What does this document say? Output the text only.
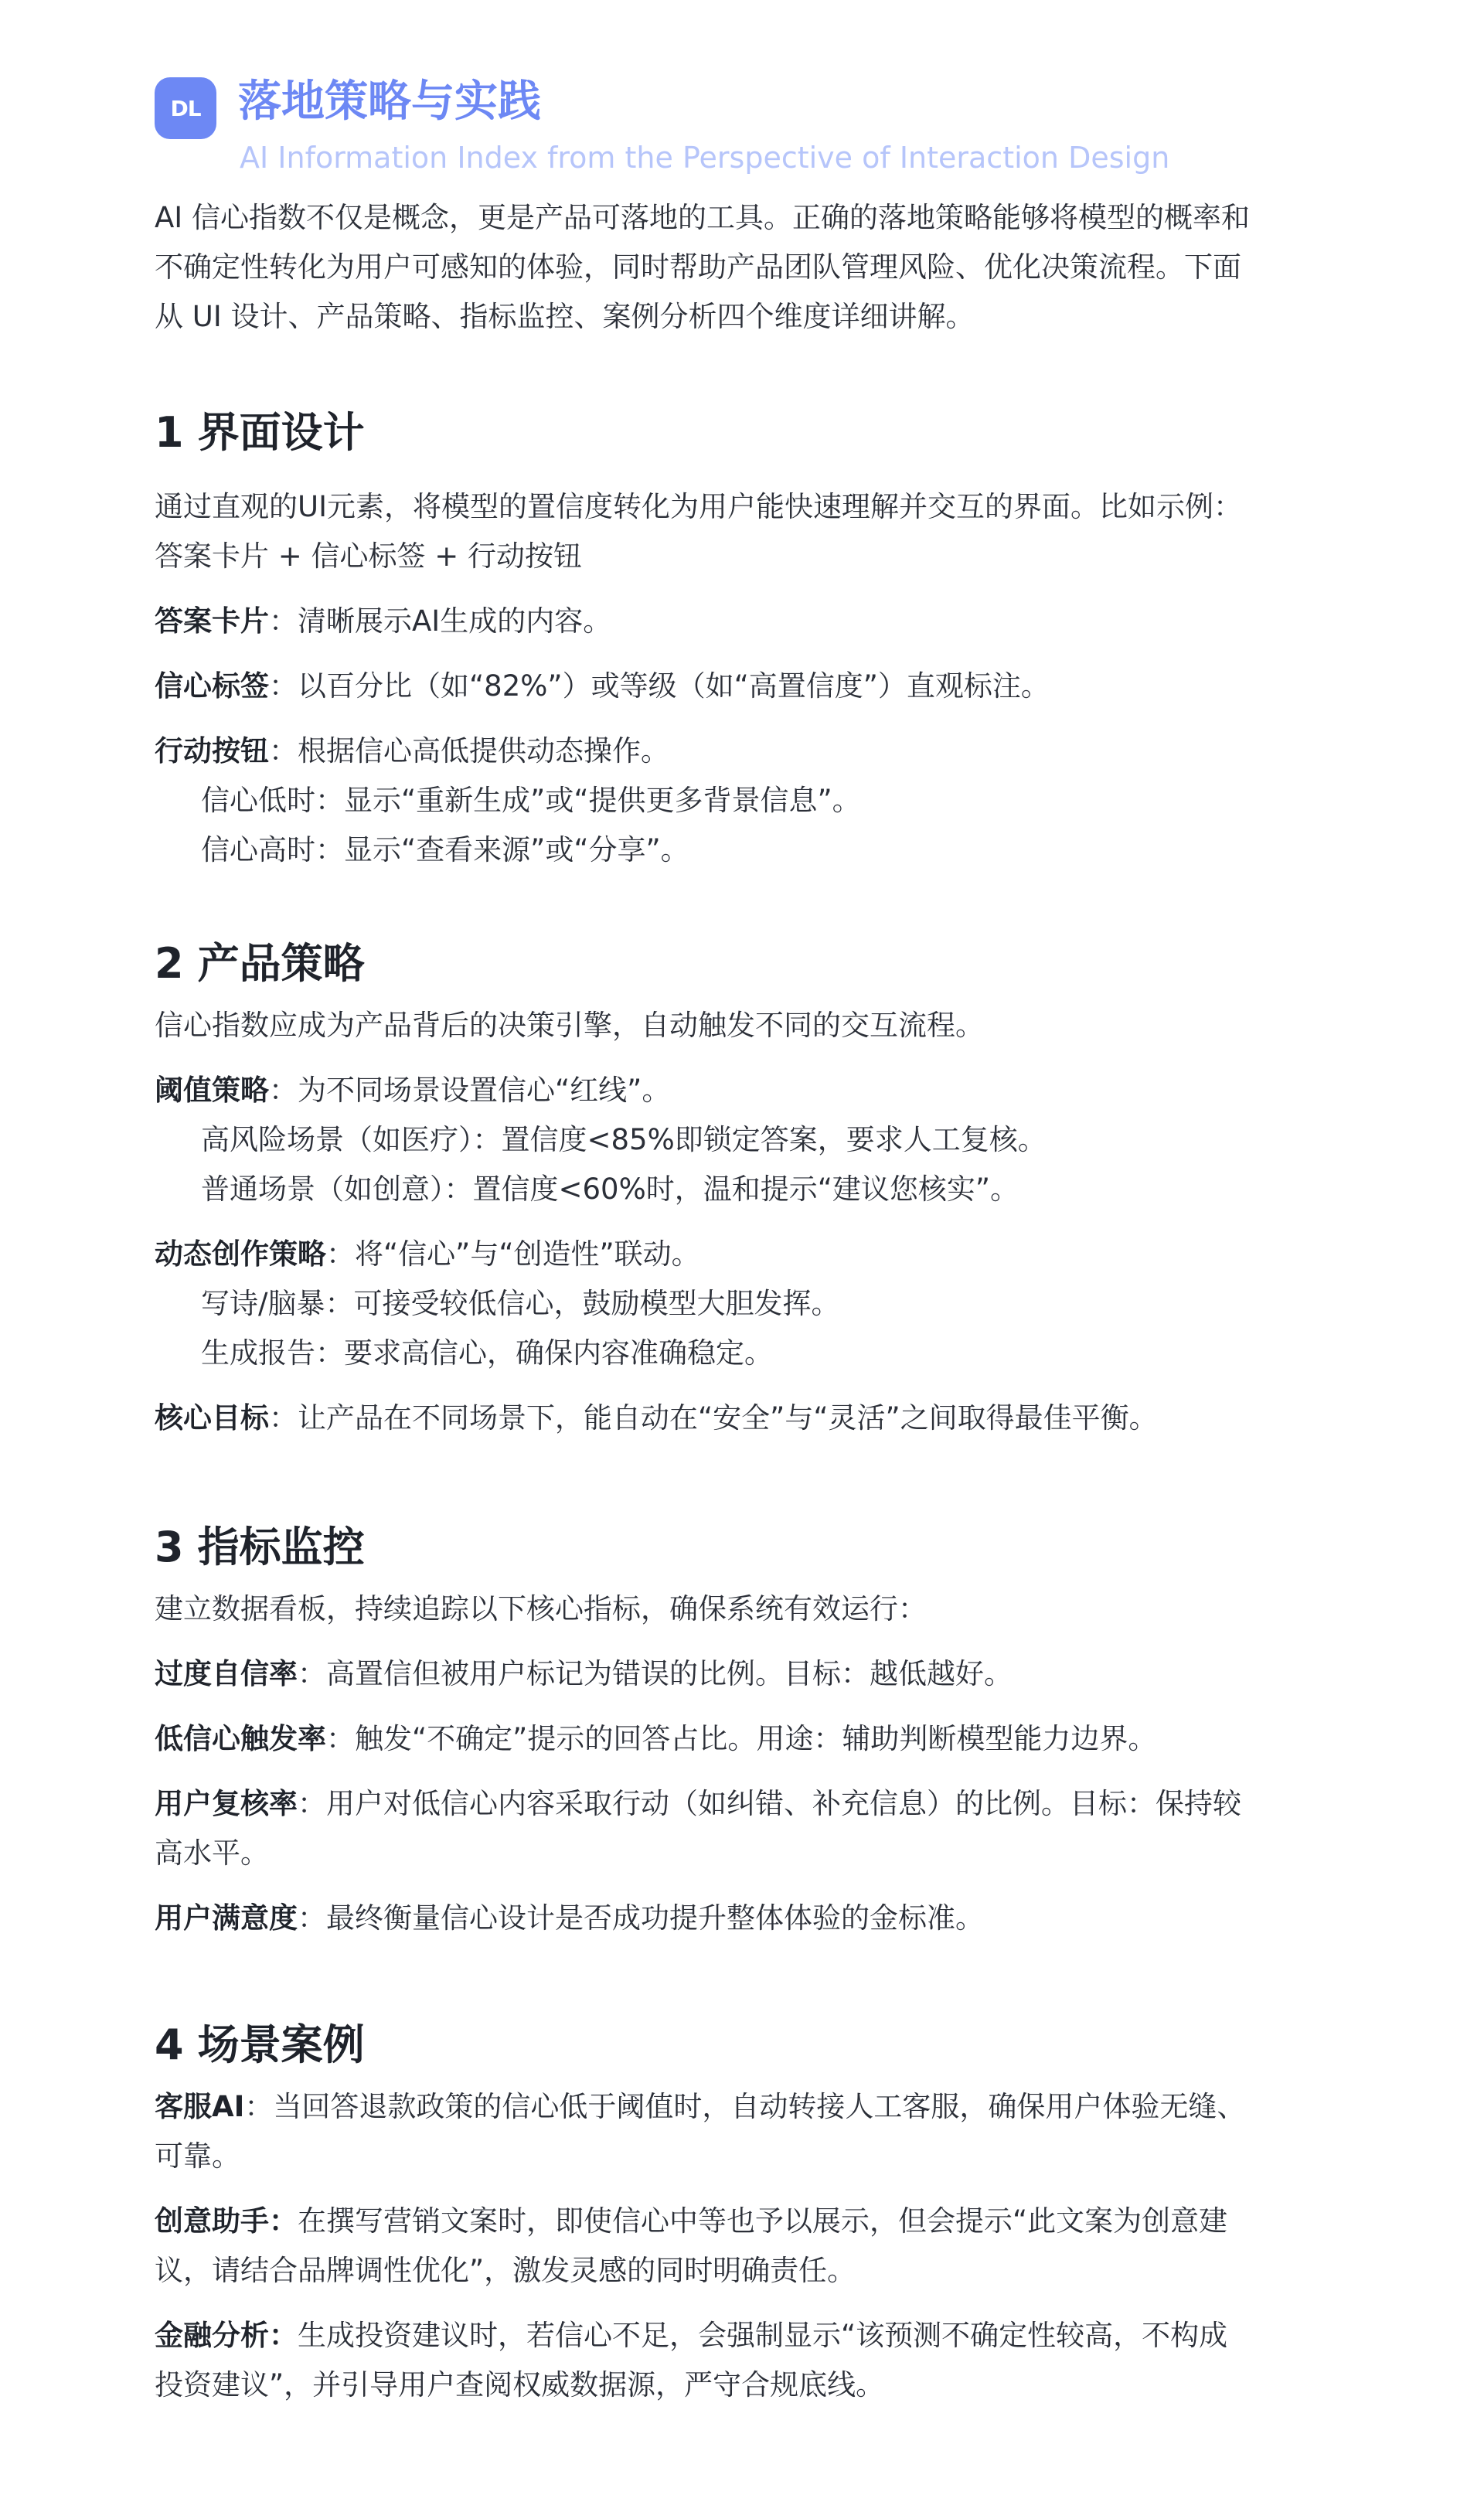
DL 落地策略与实践
AI Information Index from the Perspective of Interaction Design

AI 信心指数不仅是概念，更是产品可落地的工具。正确的落地策略能够将模型的概率和

不确定性转化为用户可感知的体验，同时帮助产品团队管理风险、优化决策流程。下面

从 UI 设计、产品策略、指标监控、案例分析四个维度详细讲解。

1 界面设计

通过直观的UI元素，将模型的置信度转化为用户能快速理解并交互的界面。比如示例：

答案卡片 + 信心标签 + 行动按钮

答案卡片：清晰展示AI生成的内容。

信心标签：以百分比（如“82%”）或等级（如“高置信度”）直观标注。

行动按钮：根据信心高低提供动态操作。

信心低时：显示“重新生成”或“提供更多背景信息”。

信心高时：显示“查看来源”或“分享”。

2 产品策略

信心指数应成为产品背后的决策引擎，自动触发不同的交互流程。

阈值策略：为不同场景设置信心“红线”。

高风险场景（如医疗）：置信度<85%即锁定答案，要求人工复核。

普通场景（如创意）：置信度<60%时，温和提示“建议您核实”。

动态创作策略：将“信心”与“创造性”联动。

写诗/脑暴：可接受较低信心，鼓励模型大胆发挥。

生成报告：要求高信心，确保内容准确稳定。

核心目标：让产品在不同场景下，能自动在“安全”与“灵活”之间取得最佳平衡。

3 指标监控

建立数据看板，持续追踪以下核心指标，确保系统有效运行：

过度自信率：高置信但被用户标记为错误的比例。目标：越低越好。

低信心触发率：触发“不确定”提示的回答占比。用途：辅助判断模型能力边界。

用户复核率：用户对低信心内容采取行动（如纠错、补充信息）的比例。目标：保持较

高水平。

用户满意度：最终衡量信心设计是否成功提升整体体验的金标准。

4 场景案例

客服AI：当回答退款政策的信心低于阈值时，自动转接人工客服，确保用户体验无缝、

可靠。

创意助手：在撰写营销文案时，即使信心中等也予以展示，但会提示“此文案为创意建

议，请结合品牌调性优化”，激发灵感的同时明确责任。

金融分析：生成投资建议时，若信心不足，会强制显示“该预测不确定性较高，不构成

投资建议”，并引导用户查阅权威数据源，严守合规底线。
